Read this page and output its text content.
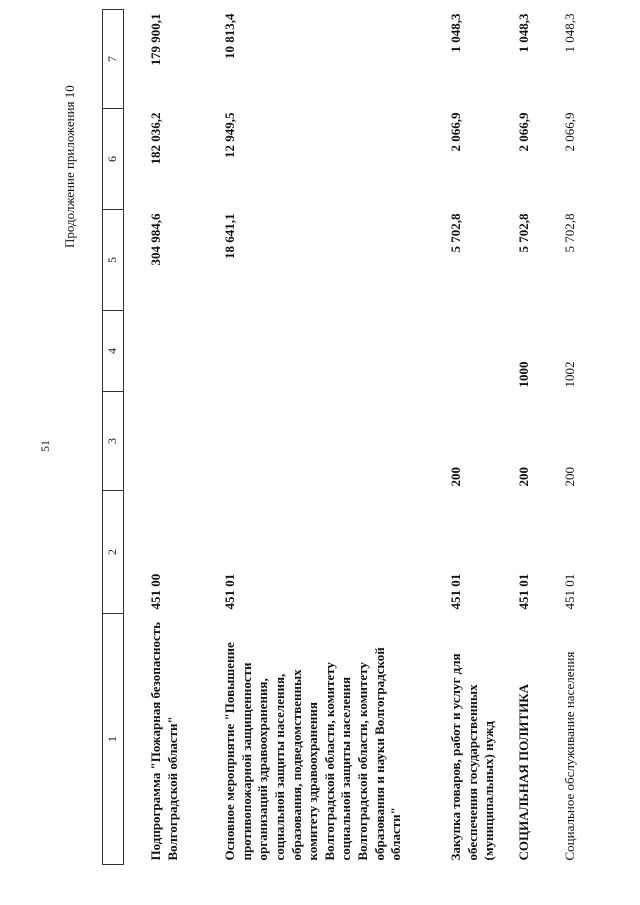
51
Продолжение приложения 10
1	2	3	4	5	6	7
Подпрограмма "Пожарная безопасность Волгоградской области"	451 00			304 984,6	182 036,2	179 900,1
Основное мероприятие "Повышение противопожарной защищенности организаций здравоохранения, социальной защиты населения, образования, подведомственных комитету здравоохранения Волгоградской области, комитету социальной защиты населения Волгоградской области, комитету образования и науки Волгоградской области"	451 01			18 641,1	12 949,5	10 813,4
Закупка товаров, работ и услуг для обеспечения государственных (муниципальных) нужд	451 01	200		5 702,8	2 066,9	1 048,3
СОЦИАЛЬНАЯ ПОЛИТИКА	451 01	200	1000	5 702,8	2 066,9	1 048,3
Социальное обслуживание населения	451 01	200	1002	5 702,8	2 066,9	1 048,3
